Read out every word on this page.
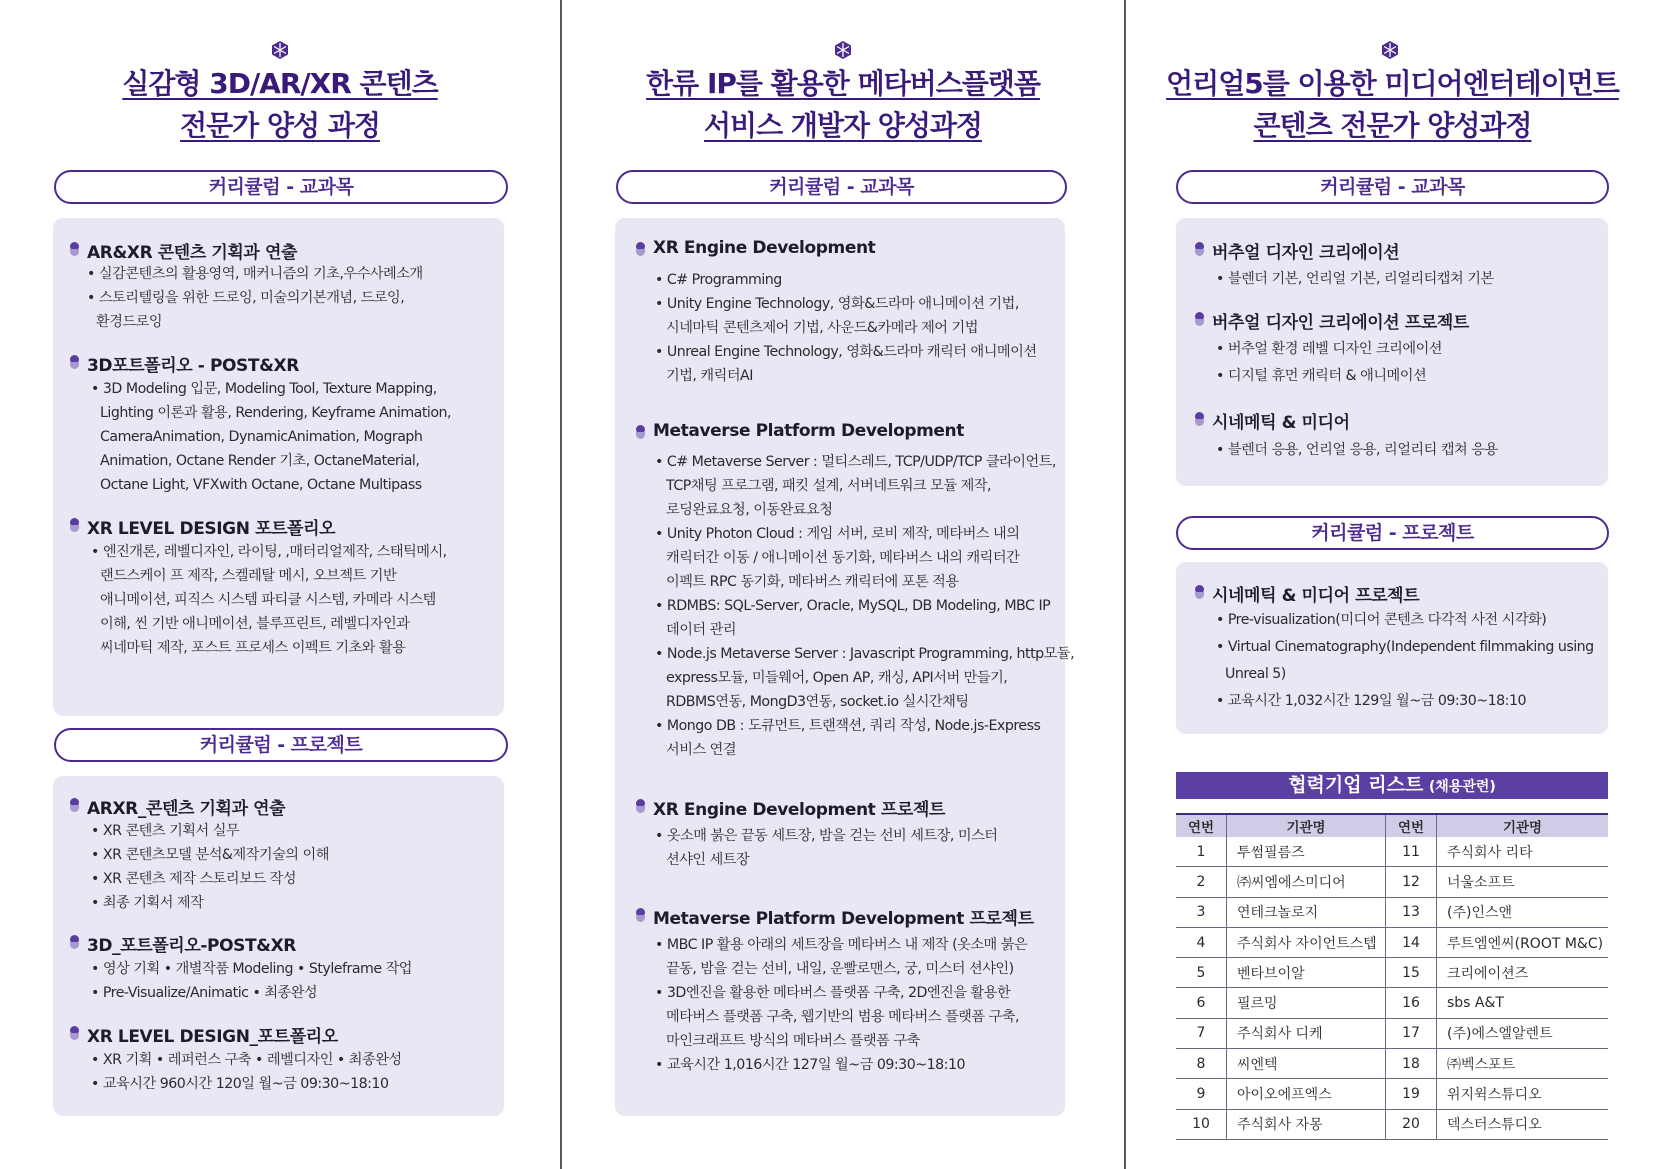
실감형 3D/AR/XR 콘텐츠
전문가 양성 과정
커리큘럼 - 교과목
AR&XR 콘텐츠 기획과 연출
• 실감콘텐츠의 활용영역, 매커니즘의 기초,우수사례소개
• 스토리텔링을 위한 드로잉, 미술의기본개념, 드로잉,
환경드로잉
3D포트폴리오 - POST&XR
• 3D Modeling 입문, Modeling Tool, Texture Mapping,
Lighting 이론과 활용, Rendering, Keyframe Animation,
CameraAnimation, DynamicAnimation, Mograph
Animation, Octane Render 기초, OctaneMaterial,
Octane Light, VFXwith Octane, Octane Multipass
XR LEVEL DESIGN 포트폴리오
• 엔진개론, 레벨디자인, 라이팅, ,매터리얼제작, 스태틱메시,
랜드스케이 프 제작, 스켈레탈 메시, 오브젝트 기반
애니메이션, 피직스 시스템 파티클 시스템, 카메라 시스템
이해, 씬 기반 애니메이션, 블루프린트, 레벨디자인과
씨네마틱 제작, 포스트 프로세스 이펙트 기초와 활용
커리큘럼 - 프로젝트
ARXR_콘텐츠 기획과 연출
• XR 콘텐츠 기획서 실무
• XR 콘텐츠모델 분석&제작기술의 이해
• XR 콘텐츠 제작 스토리보드 작성
• 최종 기획서 제작
3D_포트폴리오-POST&XR
• 영상 기획 • 개별작품 Modeling • Styleframe 작업
• Pre-Visualize/Animatic • 최종완성
XR LEVEL DESIGN_포트폴리오
• XR 기획 • 레퍼런스 구축 • 레벨디자인 • 최종완성
• 교육시간 960시간 120일 월~금 09:30~18:10
한류 IP를 활용한 메타버스플랫폼
서비스 개발자 양성과정
커리큘럼 - 교과목
XR Engine Development
• C# Programming
• Unity Engine Technology, 영화&드라마 애니메이션 기법,
시네마틱 콘텐츠제어 기법, 사운드&카메라 제어 기법
• Unreal Engine Technology, 영화&드라마 캐릭터 애니메이션
기법, 캐릭터AI
Metaverse Platform Development
• C# Metaverse Server : 멀티스레드, TCP/UDP/TCP 클라이언트,
TCP채팅 프로그램, 패킷 설계, 서버네트워크 모듈 제작,
로딩완료요청, 이동완료요청
• Unity Photon Cloud : 게임 서버, 로비 제작, 메타버스 내의
캐릭터간 이동 / 애니메이션 동기화, 메타버스 내의 캐릭터간
이펙트 RPC 동기화, 메타버스 캐릭터에 포톤 적용
• RDMBS: SQL-Server, Oracle, MySQL, DB Modeling, MBC IP
데이터 관리
• Node.js Metaverse Server : Javascript Programming, http모듈,
express모듈, 미들웨어, Open AP, 캐싱, API서버 만들기,
RDBMS연동, MongD3연동, socket.io 실시간채팅
• Mongo DB : 도큐먼트, 트랜잭션, 쿼리 작성, Node.js-Express
서비스 연결
XR Engine Development 프로젝트
• 옷소매 붉은 끝동 세트장, 밤을 걷는 선비 세트장, 미스터
션샤인 세트장
Metaverse Platform Development 프로젝트
• MBC IP 활용 아래의 세트장을 메타버스 내 제작 (옷소매 붉은
끝동, 밤을 걷는 선비, 내일, 운빨로맨스, 궁, 미스터 션샤인)
• 3D엔진을 활용한 메타버스 플랫폼 구축, 2D엔진을 활용한
메타버스 플랫폼 구축, 웹기반의 범용 메타버스 플랫폼 구축,
마인크래프트 방식의 메타버스 플랫폼 구축
• 교육시간 1,016시간 127일 월~금 09:30~18:10
언리얼5를 이용한 미디어엔터테이먼트
콘텐츠 전문가 양성과정
커리큘럼 - 교과목
버추얼 디자인 크리에이션
• 블렌더 기본, 언리얼 기본, 리얼리티캡쳐 기본
버추얼 디자인 크리에이션 프로젝트
• 버추얼 환경 레벨 디자인 크리에이션
• 디지털 휴먼 캐릭터 & 애니메이션
시네메틱 & 미디어
• 블렌더 응용, 언리얼 응용, 리얼리티 캡쳐 응용
커리큘럼 - 프로젝트
시네메틱 & 미디어 프로젝트
• Pre-visualization(미디어 콘텐츠 다각적 사전 시각화)
• Virtual Cinematography(Independent filmmaking using
Unreal 5)
• 교육시간 1,032시간 129일 월~금 09:30~18:10
협력기업 리스트 (채용관련)
연번	기관명	연번	기관명
1	투썸필름즈	11	주식회사 리타
2	㈜씨엠에스미디어	12	너울소프트
3	연테크놀로지	13	(주)인스앤
4	주식회사 자이언트스텝	14	루트엠엔씨(ROOT M&C)
5	벤타브이알	15	크리에이션즈
6	필르밍	16	sbs A&T
7	주식회사 디케	17	(주)에스엘알렌트
8	씨엔텍	18	㈜벡스포트
9	아이오에프엑스	19	위지윅스튜디오
10	주식회사 자몽	20	덱스터스튜디오
